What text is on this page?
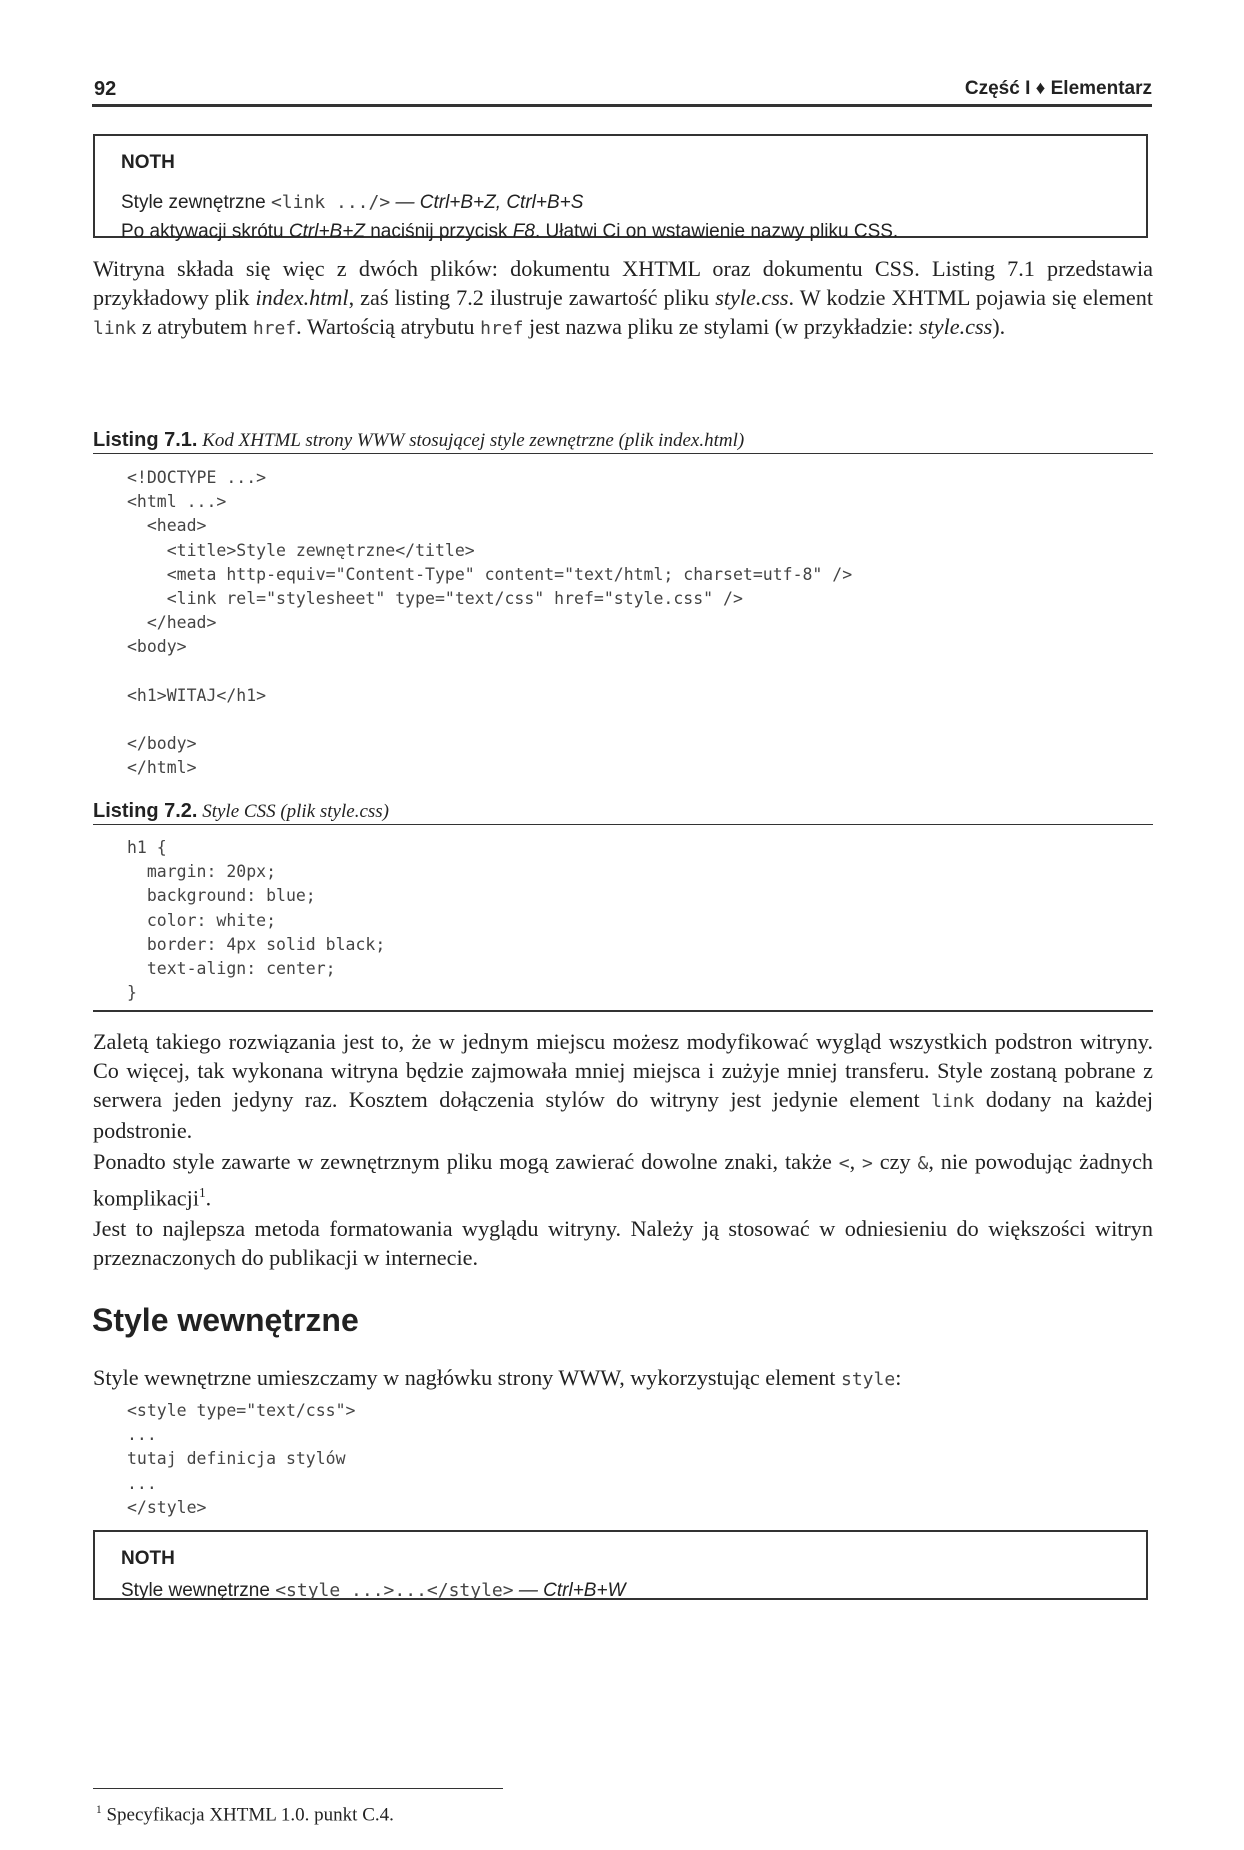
92	Część I ♦ Elementarz
NOTH
Style zewnętrzne <link .../> — Ctrl+B+Z, Ctrl+B+S
Po aktywacji skrótu Ctrl+B+Z naciśnij przycisk F8. Ułatwi Ci on wstawienie nazwy pliku CSS.
Witryna składa się więc z dwóch plików: dokumentu XHTML oraz dokumentu CSS. Listing 7.1 przedstawia przykładowy plik index.html, zaś listing 7.2 ilustruje zawartość pliku style.css. W kodzie XHTML pojawia się element link z atrybutem href. Wartością atrybutu href jest nazwa pliku ze stylami (w przykładzie: style.css).
Listing 7.1. Kod XHTML strony WWW stosującej style zewnętrzne (plik index.html)
<!DOCTYPE ...>
<html ...>
<head>
<title>Style zewnętrzne</title>
<meta http-equiv="Content-Type" content="text/html; charset=utf-8" />
<link rel="stylesheet" type="text/css" href="style.css" />
</head>
<body>

<h1>WITAJ</h1>

</body>
</html>
Listing 7.2. Style CSS (plik style.css)
h1 {
margin: 20px;
background: blue;
color: white;
border: 4px solid black;
text-align: center;
}
Zaletą takiego rozwiązania jest to, że w jednym miejscu możesz modyfikować wygląd wszystkich podstron witryny. Co więcej, tak wykonana witryna będzie zajmowała mniej miejsca i zużyje mniej transferu. Style zostaną pobrane z serwera jeden jedyny raz. Kosztem dołączenia stylów do witryny jest jedynie element link dodany na każdej podstronie.
Ponadto style zawarte w zewnętrznym pliku mogą zawierać dowolne znaki, także <, > czy &, nie powodując żadnych komplikacji$^1$.
Jest to najlepsza metoda formatowania wyglądu witryny. Należy ją stosować w odniesieniu do większości witryn przeznaczonych do publikacji w internecie.
Style wewnętrzne
Style wewnętrzne umieszczamy w nagłówku strony WWW, wykorzystując element style:
<style type="text/css">
...
tutaj definicja stylów
...
</style>
NOTH
Style wewnętrzne <style ...>...</style> — Ctrl+B+W
$^1$ Specyfikacja XHTML 1.0. punkt C.4.
